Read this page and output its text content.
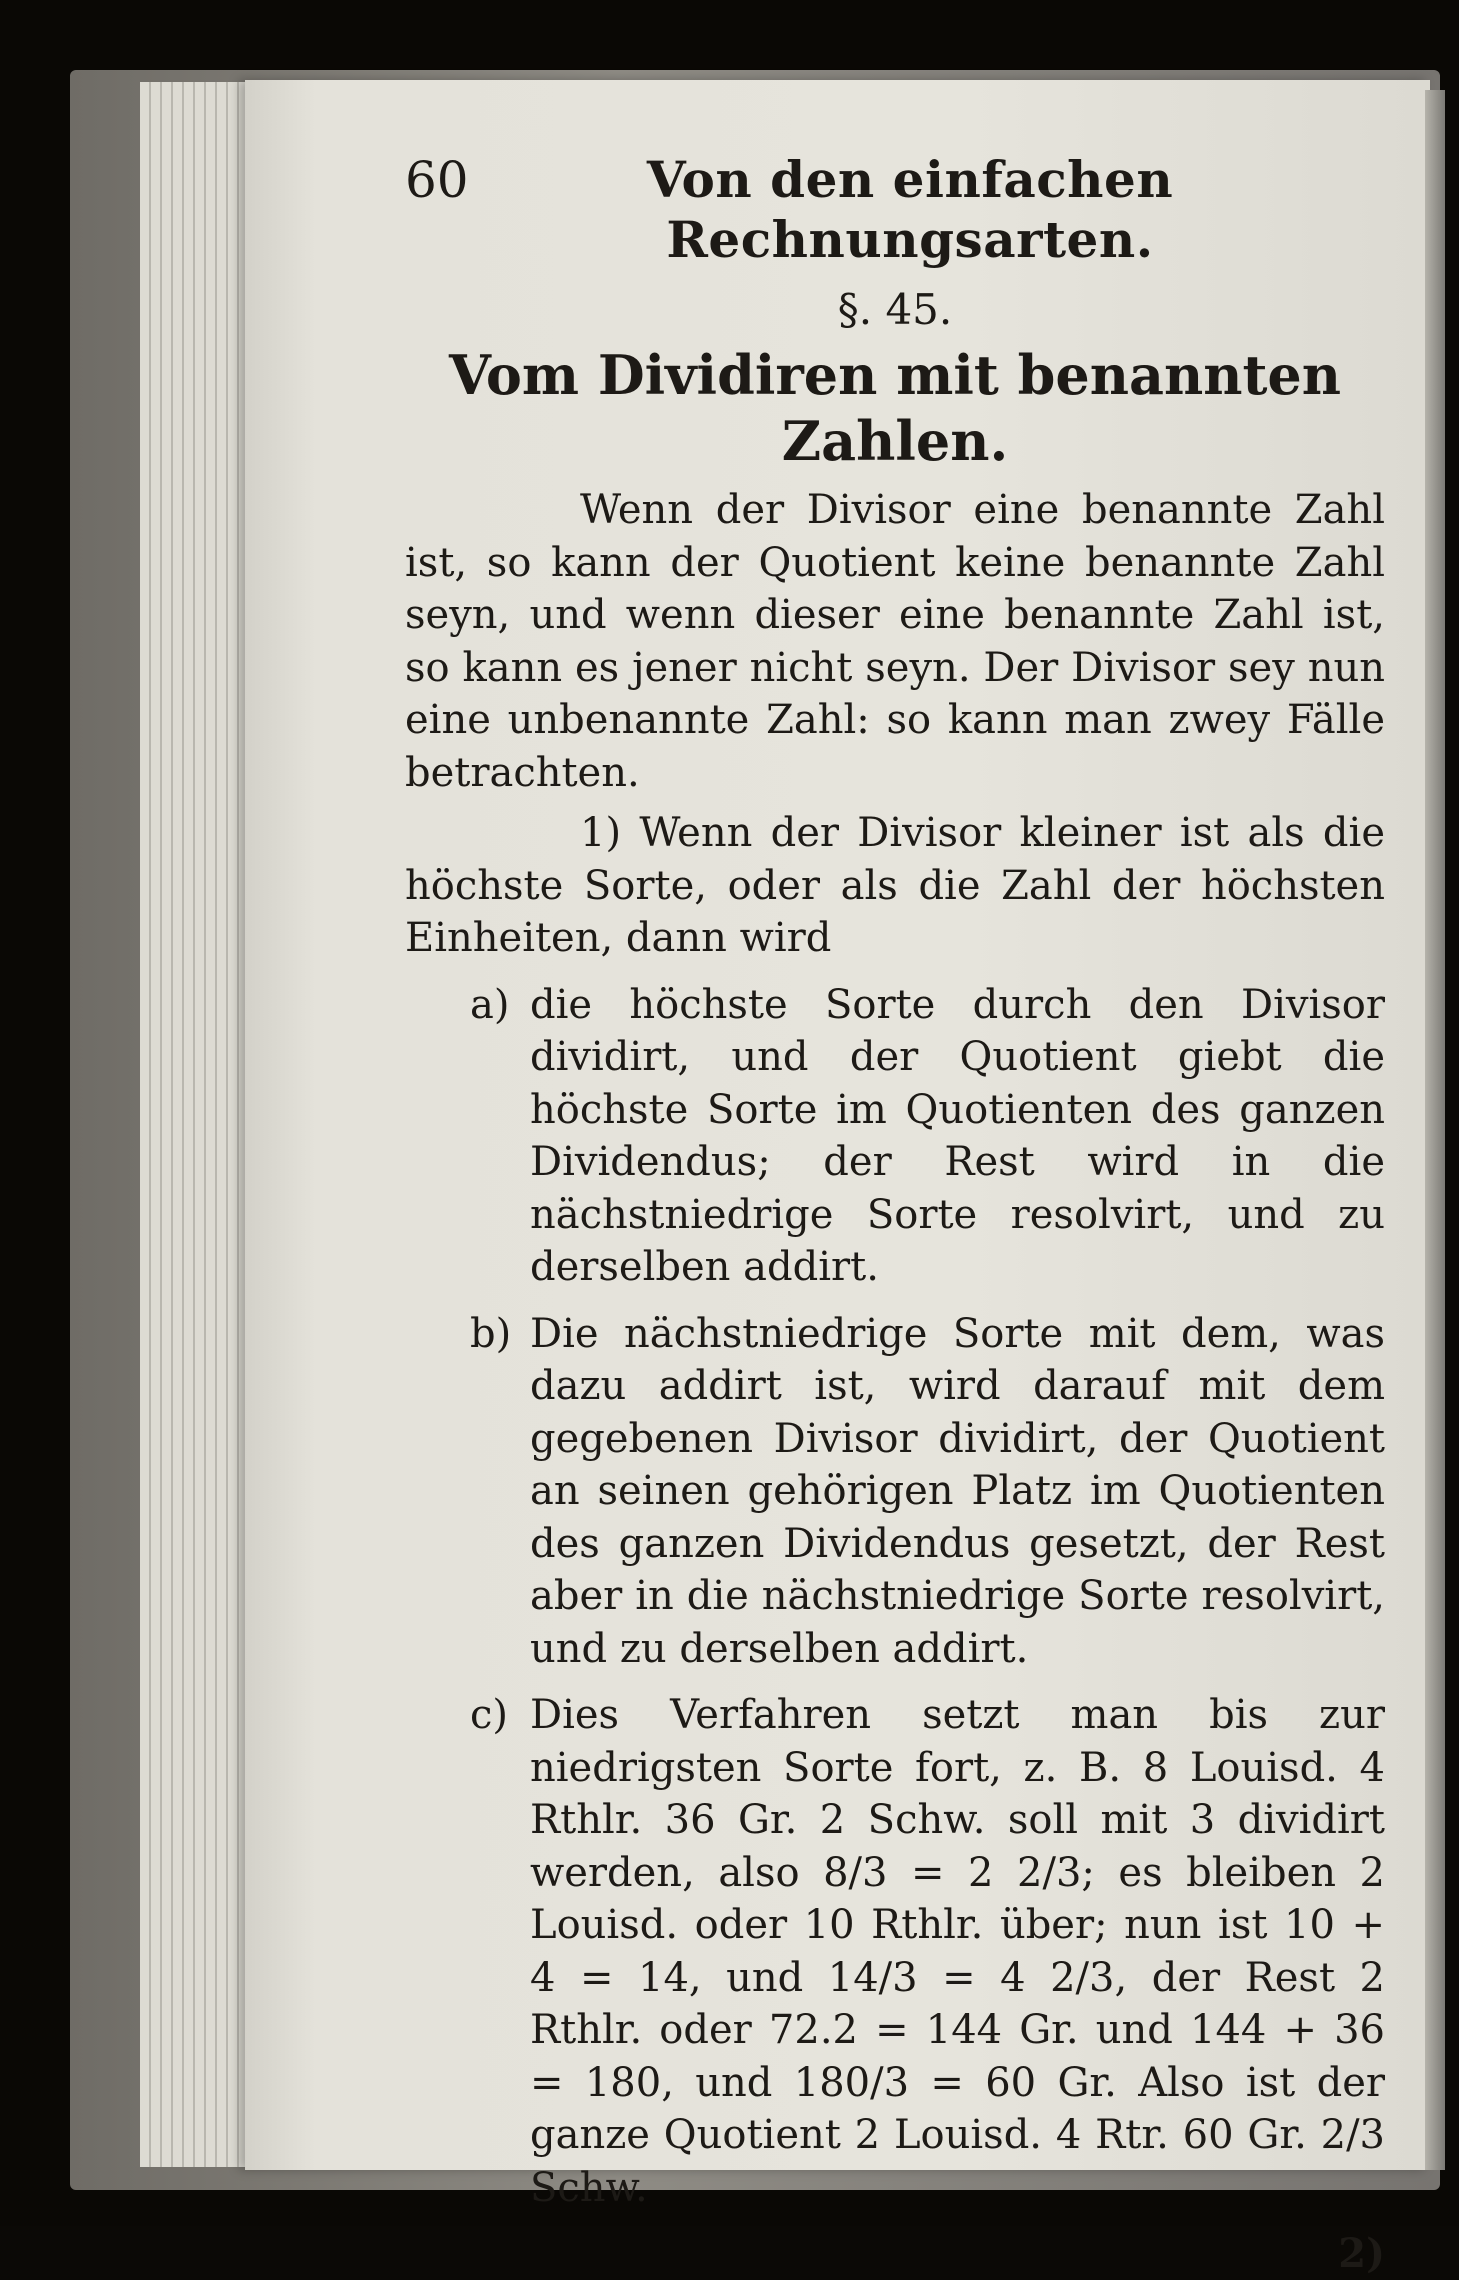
60	Von den einfachen Rechnungsarten.
§. 45.
Vom Dividiren mit benannten Zahlen.

Wenn der Divisor eine benannte Zahl ist, so kann der Quotient keine benannte Zahl seyn, und wenn dieser eine benannte Zahl ist, so kann es jener nicht seyn. Der Divisor sey nun eine unbenannte Zahl: so kann man zwey Fälle betrachten.

1) Wenn der Divisor kleiner ist als die höchste Sorte, oder als die Zahl der höchsten Einheiten, dann wird

a) die höchste Sorte durch den Divisor dividirt, und der Quotient giebt die höchste Sorte im Quotienten des ganzen Dividendus; der Rest wird in die nächstniedrige Sorte resolvirt, und zu derselben addirt.

b) Die nächstniedrige Sorte mit dem, was dazu addirt ist, wird darauf mit dem gegebenen Divisor dividirt, der Quotient an seinen gehörigen Platz im Quotienten des ganzen Dividendus gesetzt, der Rest aber in die nächstniedrige Sorte resolvirt, und zu derselben addirt.

c) Dies Verfahren setzt man bis zur niedrigsten Sorte fort, z. B. 8 Louisd. 4 Rthlr. 36 Gr. 2 Schw. soll mit 3 dividirt werden, also 8/3 = 2 2/3; es bleiben 2 Louisd. oder 10 Rthlr. über; nun ist 10 + 4 = 14, und 14/3 = 4 2/3, der Rest 2 Rthlr. oder 72.2 = 144 Gr. und 144 + 36 = 180, und 180/3 = 60 Gr. Also ist der ganze Quotient 2 Louisd. 4 Rtr. 60 Gr. 2/3 Schw.

2)
